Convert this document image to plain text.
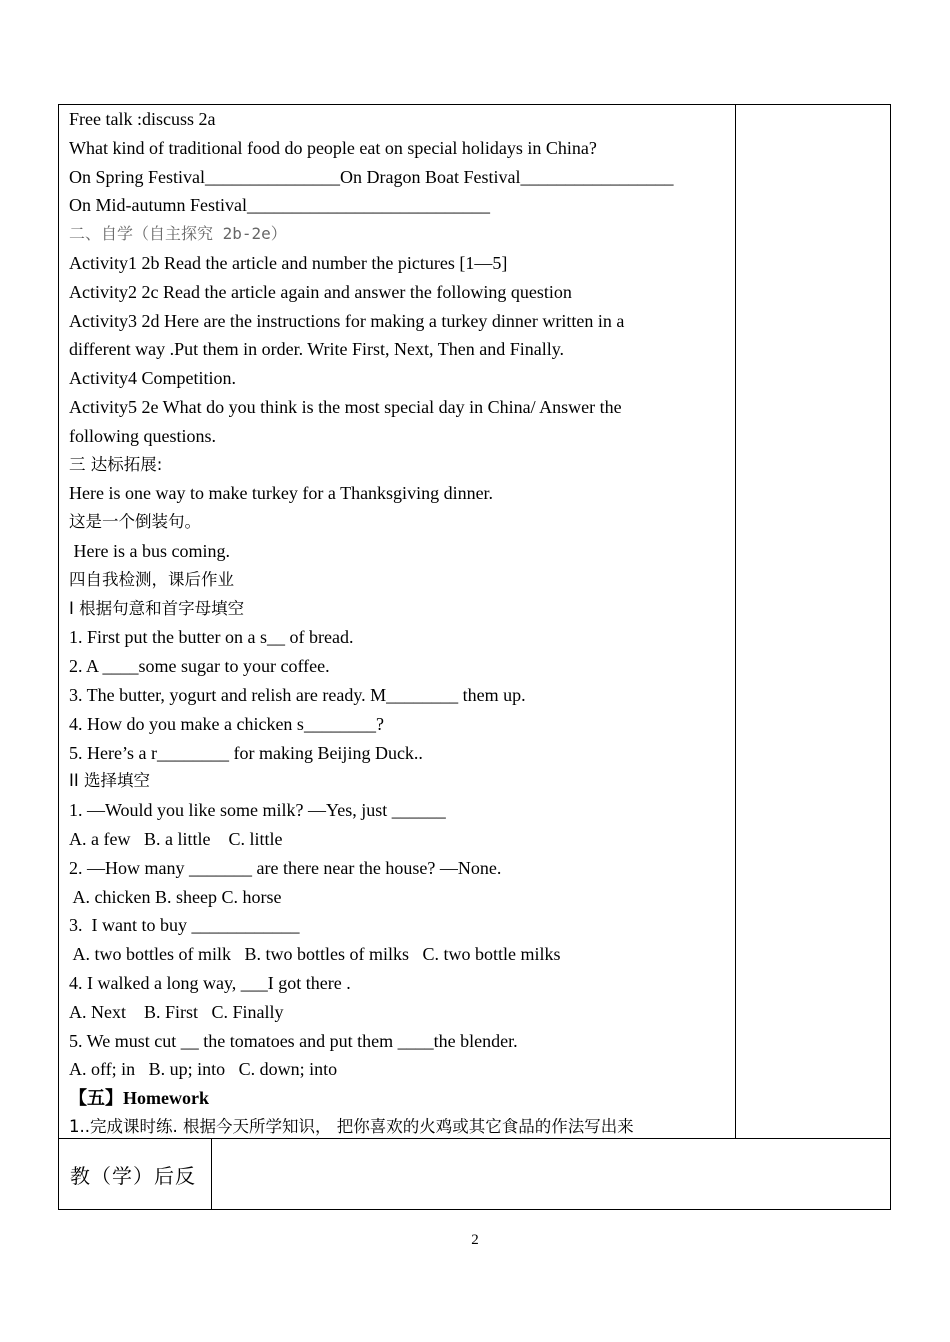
Free talk :discuss 2a
What kind of traditional food do people eat on special holidays in China?
On Spring Festival_______________On Dragon Boat Festival_________________
On Mid-autumn Festival___________________________
二、自学（自主探究 2b-2e）
Activity1 2b Read the article and number the pictures [1—5]
Activity2 2c Read the article again and answer the following question
Activity3 2d Here are the instructions for making a turkey dinner written in a
different way .Put them in order. Write First, Next, Then and Finally.
Activity4 Competition.
Activity5 2e What do you think is the most special day in China/ Answer the
following questions.
三 达标拓展:
Here is one way to make turkey for a Thanksgiving dinner.
这是一个倒装句。
Here is a bus coming.
四自我检测，课后作业
I 根据句意和首字母填空
1. First put the butter on a s__ of bread.
2. A ____some sugar to your coffee.
3. The butter, yogurt and relish are ready. M________ them up.
4. How do you make a chicken s________?
5. Here’s a r________ for making Beijing Duck..
II 选择填空
1. —Would you like some milk? —Yes, just ______
A. a few   B. a little    C. little
2. —How many _______ are there near the house? —None.
A. chicken B. sheep C. horse
3.  I want to buy ____________
A. two bottles of milk   B. two bottles of milks   C. two bottle milks
4. I walked a long way, ___I got there .
A. Next    B. First   C. Finally
5. We must cut __ the tomatoes and put them ____the blender.
A. off; in   B. up; into   C. down; into
【五】Homework
1..完成课时练. 根据今天所学知识， 把你喜欢的火鸡或其它食品的作法写出来
教（学）后反
2
